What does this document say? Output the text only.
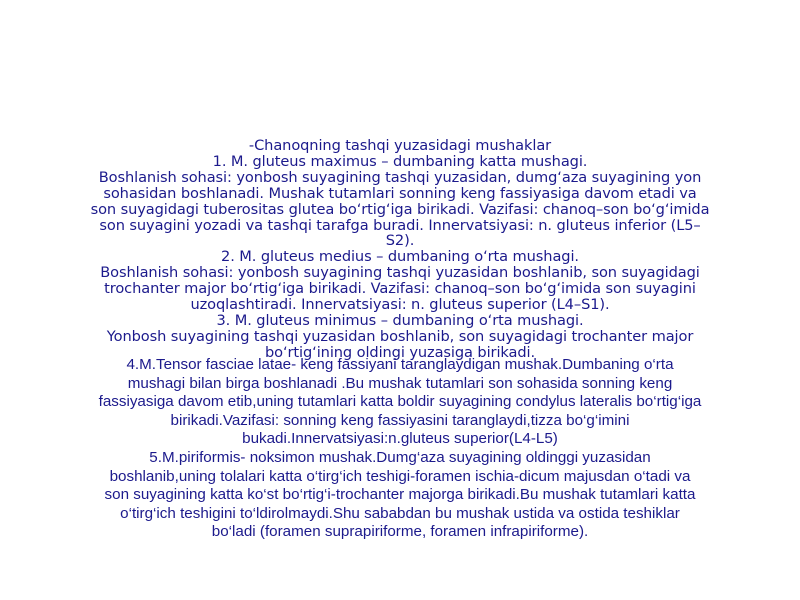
-Chanoqning tashqi yuzasidagi mushaklar
1. M. gluteus maximus – dumbaning katta mushagi.
Boshlanish sohasi: yonbosh suyagining tashqi yuzasidan, dumg‘aza suyagining yon
sohasidan boshlanadi. Mushak tutamlari sonning keng fassiyasiga davom etadi va
son suyagidagi tuberositas glutea bo‘rtig‘iga birikadi. Vazifasi: chanoq–son bo‘g‘imida
son suyagini yozadi va tashqi tarafga buradi. Innervatsiyasi: n. gluteus inferior (L5–
S2).
2. M. gluteus medius – dumbaning o‘rta mushagi.
Boshlanish sohasi: yonbosh suyagining tashqi yuzasidan boshlanib, son suyagidagi
trochanter major bo‘rtig‘iga birikadi. Vazifasi: chanoq–son bo‘g‘imida son suyagini
uzoqlashtiradi. Innervatsiyasi: n. gluteus superior (L4–S1).
3. M. gluteus minimus – dumbaning o‘rta mushagi.
Yonbosh suyagining tashqi yuzasidan boshlanib, son suyagidagi trochanter major
bo‘rtig‘ining oldingi yuzasiga birikadi.
4.M.Tensor fasciae latae- keng fassiyani taranglaydigan mushak.Dumbaning o‘rta
mushagi bilan birga boshlanadi .Bu mushak tutamlari son sohasida sonning keng
fassiyasiga davom etib,uning tutamlari katta boldir suyagining condylus lateralis bo‘rtig‘iga
birikadi.Vazifasi: sonning keng fassiyasini taranglaydi,tizza bo‘g‘imini
bukadi.Innervatsiyasi:n.gluteus superior(L4-L5)
5.M.piriformis- noksimon mushak.Dumg‘aza suyagining oldinggi yuzasidan
boshlanib,uning tolalari katta o‘tirg‘ich teshigi-foramen ischia-dicum majusdan o‘tadi va
son suyagining katta ko‘st bo‘rtig‘i-trochanter majorga birikadi.Bu mushak tutamlari katta
o‘tirg‘ich teshigini to‘ldirolmaydi.Shu sababdan bu mushak ustida va ostida teshiklar
bo‘ladi (foramen suprapiriforme, foramen infrapiriforme).
